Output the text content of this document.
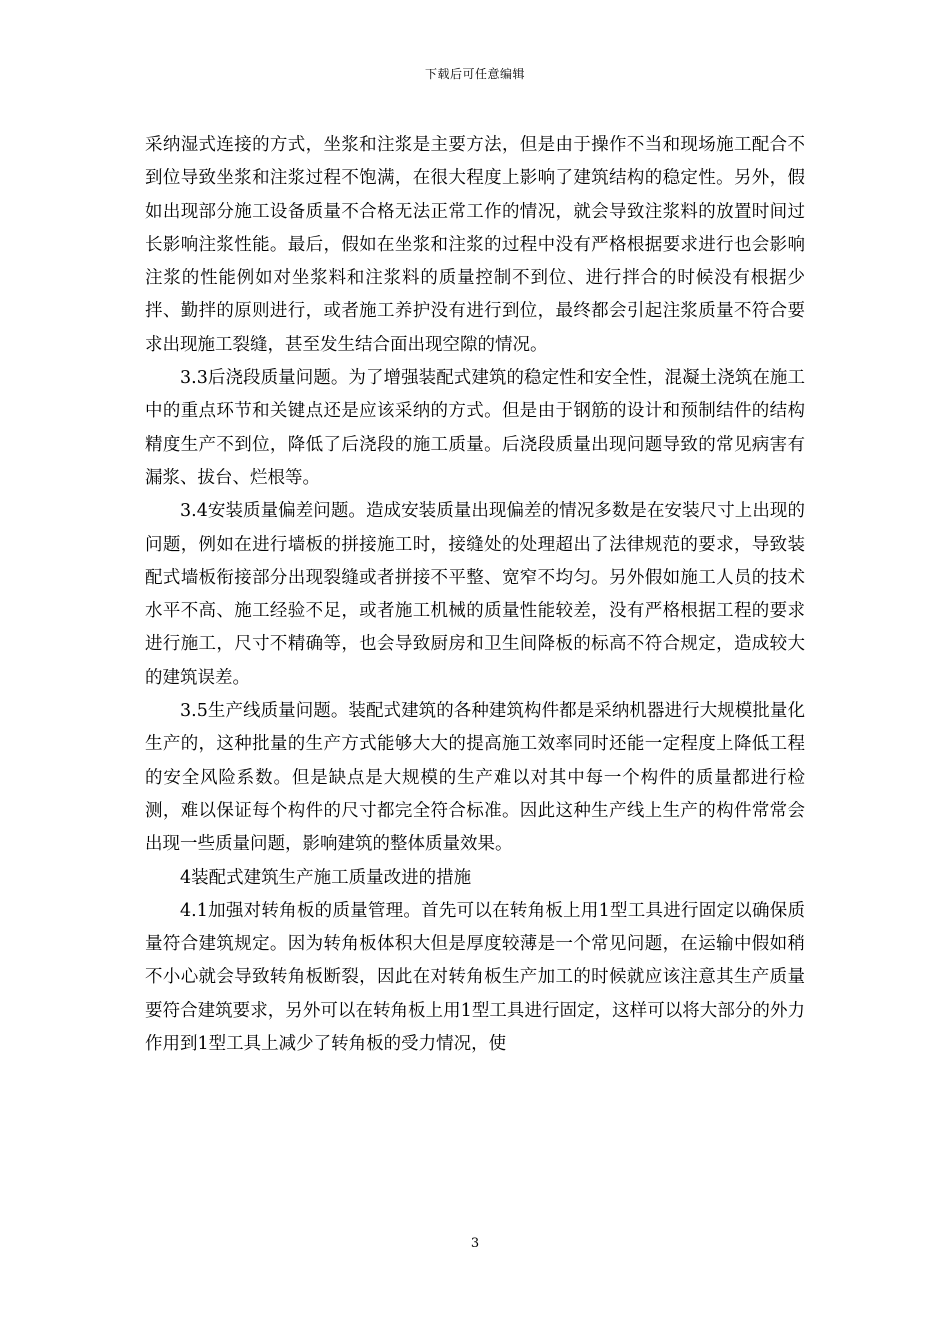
下载后可任意编辑

采纳湿式连接的方式，坐浆和注浆是主要方法，但是由于操作不当和现场施工配合不到位导致坐浆和注浆过程不饱满，在很大程度上影响了建筑结构的稳定性。另外，假如出现部分施工设备质量不合格无法正常工作的情况，就会导致注浆料的放置时间过长影响注浆性能。最后，假如在坐浆和注浆的过程中没有严格根据要求进行也会影响注浆的性能例如对坐浆料和注浆料的质量控制不到位、进行拌合的时候没有根据少拌、勤拌的原则进行，或者施工养护没有进行到位，最终都会引起注浆质量不符合要求出现施工裂缝，甚至发生结合面出现空隙的情况。

3.3后浇段质量问题。为了增强装配式建筑的稳定性和安全性，混凝土浇筑在施工中的重点环节和关键点还是应该采纳的方式。但是由于钢筋的设计和预制结件的结构精度生产不到位，降低了后浇段的施工质量。后浇段质量出现问题导致的常见病害有漏浆、拔台、烂根等。

3.4安装质量偏差问题。造成安装质量出现偏差的情况多数是在安装尺寸上出现的问题，例如在进行墙板的拼接施工时，接缝处的处理超出了法律规范的要求，导致装配式墙板衔接部分出现裂缝或者拼接不平整、宽窄不均匀。另外假如施工人员的技术水平不高、施工经验不足，或者施工机械的质量性能较差，没有严格根据工程的要求进行施工，尺寸不精确等，也会导致厨房和卫生间降板的标高不符合规定，造成较大的建筑误差。

3.5生产线质量问题。装配式建筑的各种建筑构件都是采纳机器进行大规模批量化生产的，这种批量的生产方式能够大大的提高施工效率同时还能一定程度上降低工程的安全风险系数。但是缺点是大规模的生产难以对其中每一个构件的质量都进行检测，难以保证每个构件的尺寸都完全符合标准。因此这种生产线上生产的构件常常会出现一些质量问题，影响建筑的整体质量效果。

4装配式建筑生产施工质量改进的措施

4.1加强对转角板的质量管理。首先可以在转角板上用1型工具进行固定以确保质量符合建筑规定。因为转角板体积大但是厚度较薄是一个常见问题，在运输中假如稍不小心就会导致转角板断裂，因此在对转角板生产加工的时候就应该注意其生产质量要符合建筑要求，另外可以在转角板上用1型工具进行固定，这样可以将大部分的外力作用到1型工具上减少了转角板的受力情况，使

3
